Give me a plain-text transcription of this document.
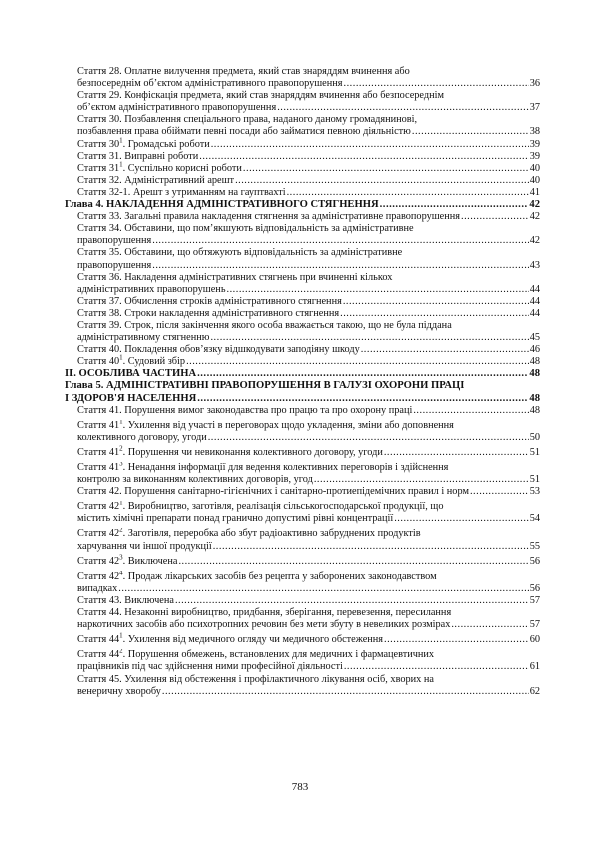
Стаття 28. Оплатне вилучення предмета, який став знаряддям вчинення або
безпосереднім об’єктом адміністративного правопорушення .....	36
Стаття 29. Конфіскація предмета, який став знаряддям вчинення або безпосереднім
об’єктом адміністративного правопорушення .....	37
Стаття 30. Позбавлення спеціального права, наданого даному громадянинові,
позбавлення права обіймати певні посади або займатися певною діяльністю .....	38
Стаття $30^1$. Громадські роботи .....	39
Стаття 31. Виправні роботи .....	39
Стаття $31^1$. Суспільно корисні роботи .....	40
Стаття 32. Адміністративний арешт .....	40
Стаття 32-1. Арешт з утриманням на гауптвахті .....	41
Глава 4. НАКЛАДЕННЯ АДМІНІСТРАТИВНОГО СТЯГНЕННЯ .....	42
Стаття 33. Загальні правила накладення стягнення за адміністративне правопорушення .....	42
Стаття 34. Обставини, що пом’якшують відповідальність за адміністративне
правопорушення .....	42
Стаття 35. Обставини, що обтяжують відповідальність за адміністративне
правопорушення .....	43
Стаття 36. Накладення адміністративних стягнень при вчиненні кількох
адміністративних правопорушень .....	44
Стаття 37. Обчислення строків адміністративного стягнення .....	44
Стаття 38. Строки накладення адміністративного стягнення .....	44
Стаття 39. Строк, після закінчення якого особа вважається такою, що не була піддана
адміністративному стягненню .....	45
Стаття 40. Покладення обов’язку відшкодувати заподіяну шкоду .....	46
Стаття $40^1$. Судовий збір .....	48
II. ОСОБЛИВА ЧАСТИНА .....	48
Глава 5. АДМІНІСТРАТИВНІ ПРАВОПОРУШЕННЯ В ГАЛУЗІ ОХОРОНИ ПРАЦІ
І ЗДОРОВ'Я НАСЕЛЕННЯ .....	48
Стаття 41. Порушення вимог законодавства про працю та про охорону праці .....	48
Стаття $41^1$. Ухилення від участі в переговорах щодо укладення, зміни або доповнення
колективного договору, угоди .....	50
Стаття $41^2$. Порушення чи невиконання колективного договору, угоди .....	51
Стаття $41^3$. Ненадання інформації для ведення колективних переговорів і здійснення
контролю за виконанням колективних договорів, угод .....	51
Стаття 42. Порушення санітарно-гігієнічних і санітарно-протиепідемічних правил і норм .....	53
Стаття $42^1$. Виробництво, заготівля, реалізація сільськогосподарської продукції, що
містить хімічні препарати понад гранично допустимі рівні концентрації .....	54
Стаття $42^2$. Заготівля, переробка або збут радіоактивно забруднених продуктів
харчування чи іншої продукції .....	55
Стаття $42^3$. Виключена .....	56
Стаття $42^4$. Продаж лікарських засобів без рецепта у заборонених законодавством
випадках .....	56
Стаття 43. Виключена .....	57
Стаття 44. Незаконні виробництво, придбання, зберігання, перевезення, пересилання
наркотичних засобів або психотропних речовин без мети збуту в невеликих розмірах .....	57
Стаття $44^1$. Ухилення від медичного огляду чи медичного обстеження .....	60
Стаття $44^2$. Порушення обмежень, встановлених для медичних і фармацевтичних
працівників під час здійснення ними професійної діяльності .....	61
Стаття 45. Ухилення від обстеження і профілактичного лікування осіб, хворих на
венеричну хворобу .....	62
783
